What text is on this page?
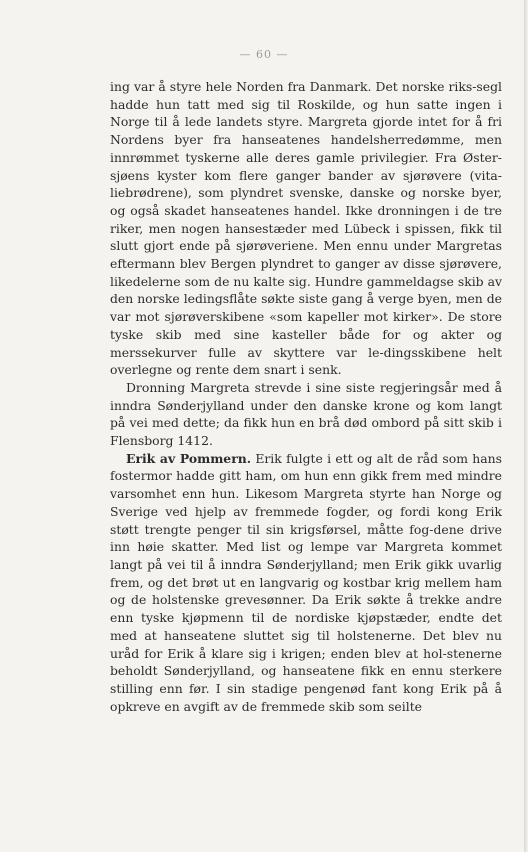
— 60 —

ing var å styre hele Norden fra Danmark. Det norske riks-segl hadde hun tatt med sig til Roskilde, og hun satte ingen i Norge til å lede landets styre. Margreta gjorde intet for å fri Nordens byer fra hanseatenes handelsherredømme, men innrømmet tyskerne alle deres gamle privilegier. Fra Øster-sjøens kyster kom flere ganger bander av sjørøvere (vita-liebrødrene), som plyndret svenske, danske og norske byer, og også skadet hanseatenes handel. Ikke dronningen i de tre riker, men nogen hansestæder med Lübeck i spissen, fikk til slutt gjort ende på sjørøveriene. Men ennu under Margretas eftermann blev Bergen plyndret to ganger av disse sjørøvere, likedelerne som de nu kalte sig. Hundre gammeldagse skib av den norske ledingsflåte søkte siste gang å verge byen, men de var mot sjørøverskibene «som kapeller mot kirker». De store tyske skib med sine kasteller både for og akter og merssekurver fulle av skyttere var le-dingsskibene helt overlegne og rente dem snart i senk.

Dronning Margreta strevde i sine siste regjeringsår med å inndra Sønderjylland under den danske krone og kom langt på vei med dette; da fikk hun en brå død ombord på sitt skib i Flensborg 1412.

Erik av Pommern. Erik fulgte i ett og alt de råd som hans fostermor hadde gitt ham, om hun enn gikk frem med mindre varsomhet enn hun. Likesom Margreta styrte han Norge og Sverige ved hjelp av fremmede fogder, og fordi kong Erik støtt trengte penger til sin krigsførsel, måtte fog-dene drive inn høie skatter. Med list og lempe var Margreta kommet langt på vei til å inndra Sønderjylland; men Erik gikk uvarlig frem, og det brøt ut en langvarig og kostbar krig mellem ham og de holstenske grevesønner. Da Erik søkte å trekke andre enn tyske kjøpmenn til de nordiske kjøpstæder, endte det med at hanseatene sluttet sig til holstenerne. Det blev nu uråd for Erik å klare sig i krigen; enden blev at hol-stenerne beholdt Sønderjylland, og hanseatene fikk en ennu sterkere stilling enn før. I sin stadige pengenød fant kong Erik på å opkreve en avgift av de fremmede skib som seilte
